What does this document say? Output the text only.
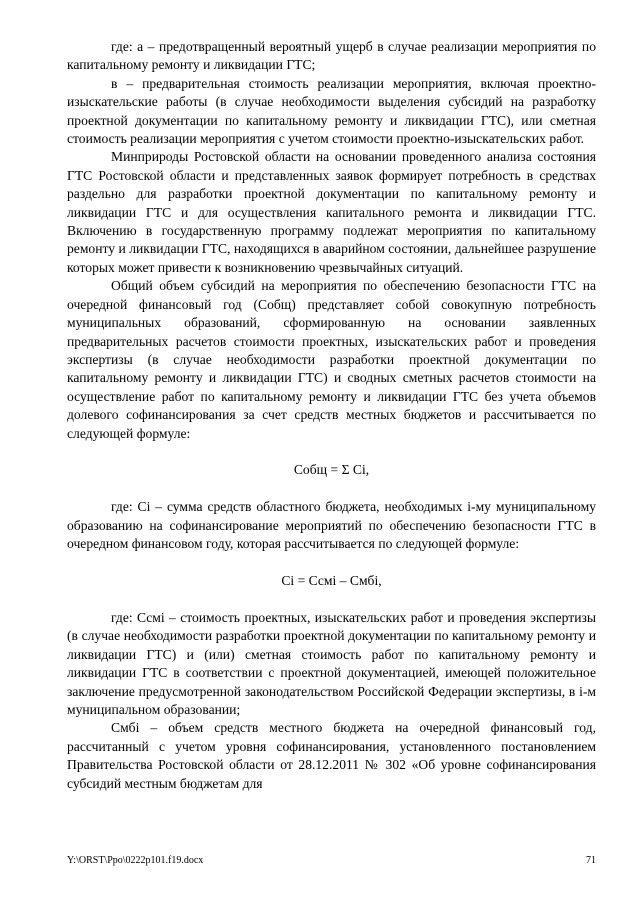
где: а – предотвращенный вероятный ущерб в случае реализации мероприятия по капитальному ремонту и ликвидации ГТС;

в – предварительная стоимость реализации мероприятия, включая проектно-изыскательские работы (в случае необходимости выделения субсидий на разработку проектной документации по капитальному ремонту и ликвидации ГТС), или сметная стоимость реализации мероприятия с учетом стоимости проектно-изыскательских работ.

Минприроды Ростовской области на основании проведенного анализа состояния ГТС Ростовской области и представленных заявок формирует потребность в средствах раздельно для разработки проектной документации по капитальному ремонту и ликвидации ГТС и для осуществления капитального ремонта и ликвидации ГТС. Включению в государственную программу подлежат мероприятия по капитальному ремонту и ликвидации ГТС, находящихся в аварийном состоянии, дальнейшее разрушение которых может привести к возникновению чрезвычайных ситуаций.

Общий объем субсидий на мероприятия по обеспечению безопасности ГТС на очередной финансовый год (Собщ) представляет собой совокупную потребность муниципальных образований, сформированную на основании заявленных предварительных расчетов стоимости проектных, изыскательских работ и проведения экспертизы (в случае необходимости разработки проектной документации по капитальному ремонту и ликвидации ГТС) и сводных сметных расчетов стоимости на осуществление работ по капитальному ремонту и ликвидации ГТС без учета объемов долевого софинансирования за счет средств местных бюджетов и рассчитывается по следующей формуле:

Собщ = Σ Сi,

где: Сi – сумма средств областного бюджета, необходимых i-му муниципальному образованию на софинансирование мероприятий по обеспечению безопасности ГТС в очередном финансовом году, которая рассчитывается по следующей формуле:

Сi = Ссмi – Смбi,

где: Ссмi – стоимость проектных, изыскательских работ и проведения экспертизы (в случае необходимости разработки проектной документации по капитальному ремонту и ликвидации ГТС) и (или) сметная стоимость работ по капитальному ремонту и ликвидации ГТС в соответствии с проектной документацией, имеющей положительное заключение предусмотренной законодательством Российской Федерации экспертизы, в i-м муниципальном образовании;

Смбi – объем средств местного бюджета на очередной финансовый год, рассчитанный с учетом уровня софинансирования, установленного постановлением Правительства Ростовской области от 28.12.2011 № 302 «Об уровне софинансирования субсидий местным бюджетам для

Y:\ORST\Ppo\0222p101.f19.docx	71
